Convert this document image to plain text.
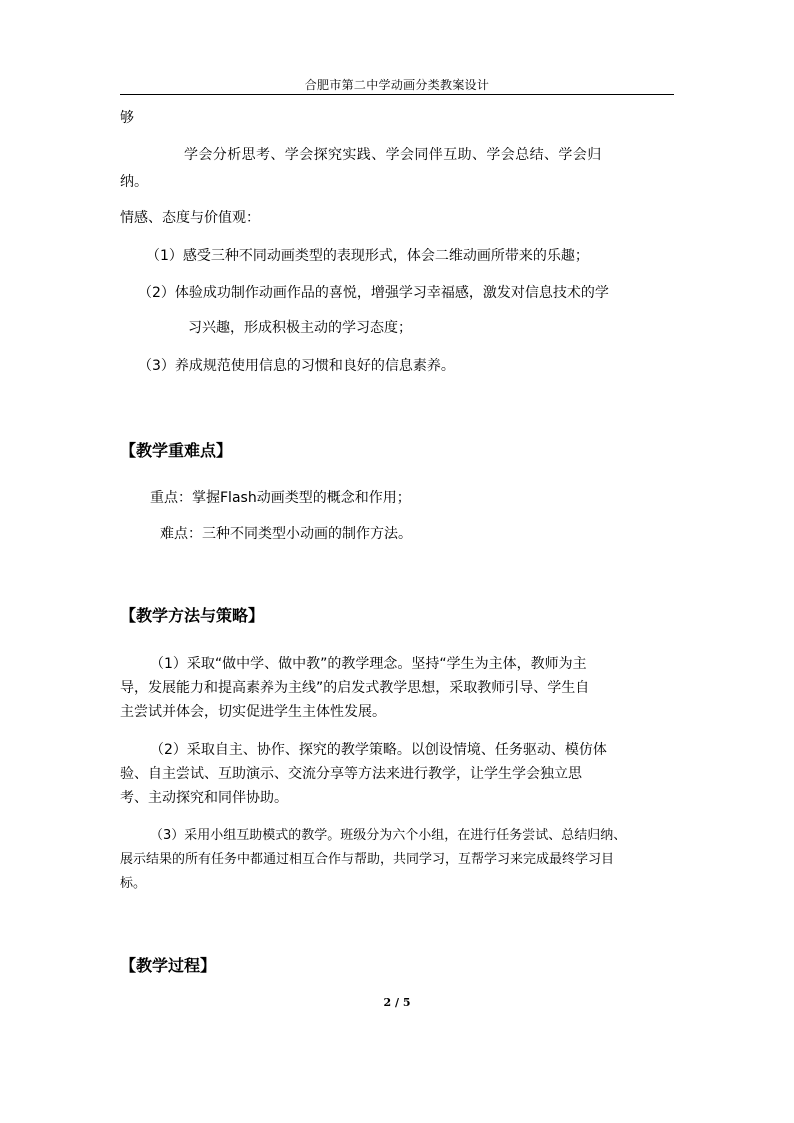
合肥市第二中学动画分类教案设计
够
学会分析思考、学会探究实践、学会同伴互助、学会总结、学会归
纳。
情感、态度与价值观：
（1）感受三种不同动画类型的表现形式，体会二维动画所带来的乐趣；
（2）体验成功制作动画作品的喜悦，增强学习幸福感，激发对信息技术的学
习兴趣，形成积极主动的学习态度；
（3）养成规范使用信息的习惯和良好的信息素养。
【教学重难点】
重点：掌握Flash动画类型的概念和作用；
难点：三种不同类型小动画的制作方法。
【教学方法与策略】
（1）采取“做中学、做中教”的教学理念。坚持“学生为主体，教师为主
导，发展能力和提高素养为主线”的启发式教学思想，采取教师引导、学生自
主尝试并体会，切实促进学生主体性发展。
（2）采取自主、协作、探究的教学策略。以创设情境、任务驱动、模仿体
验、自主尝试、互助演示、交流分享等方法来进行教学，让学生学会独立思
考、主动探究和同伴协助。
（3）采用小组互助模式的教学。班级分为六个小组，在进行任务尝试、总结归纳、
展示结果的所有任务中都通过相互合作与帮助，共同学习，互帮学习来完成最终学习目
标。
【教学过程】
2 / 5
